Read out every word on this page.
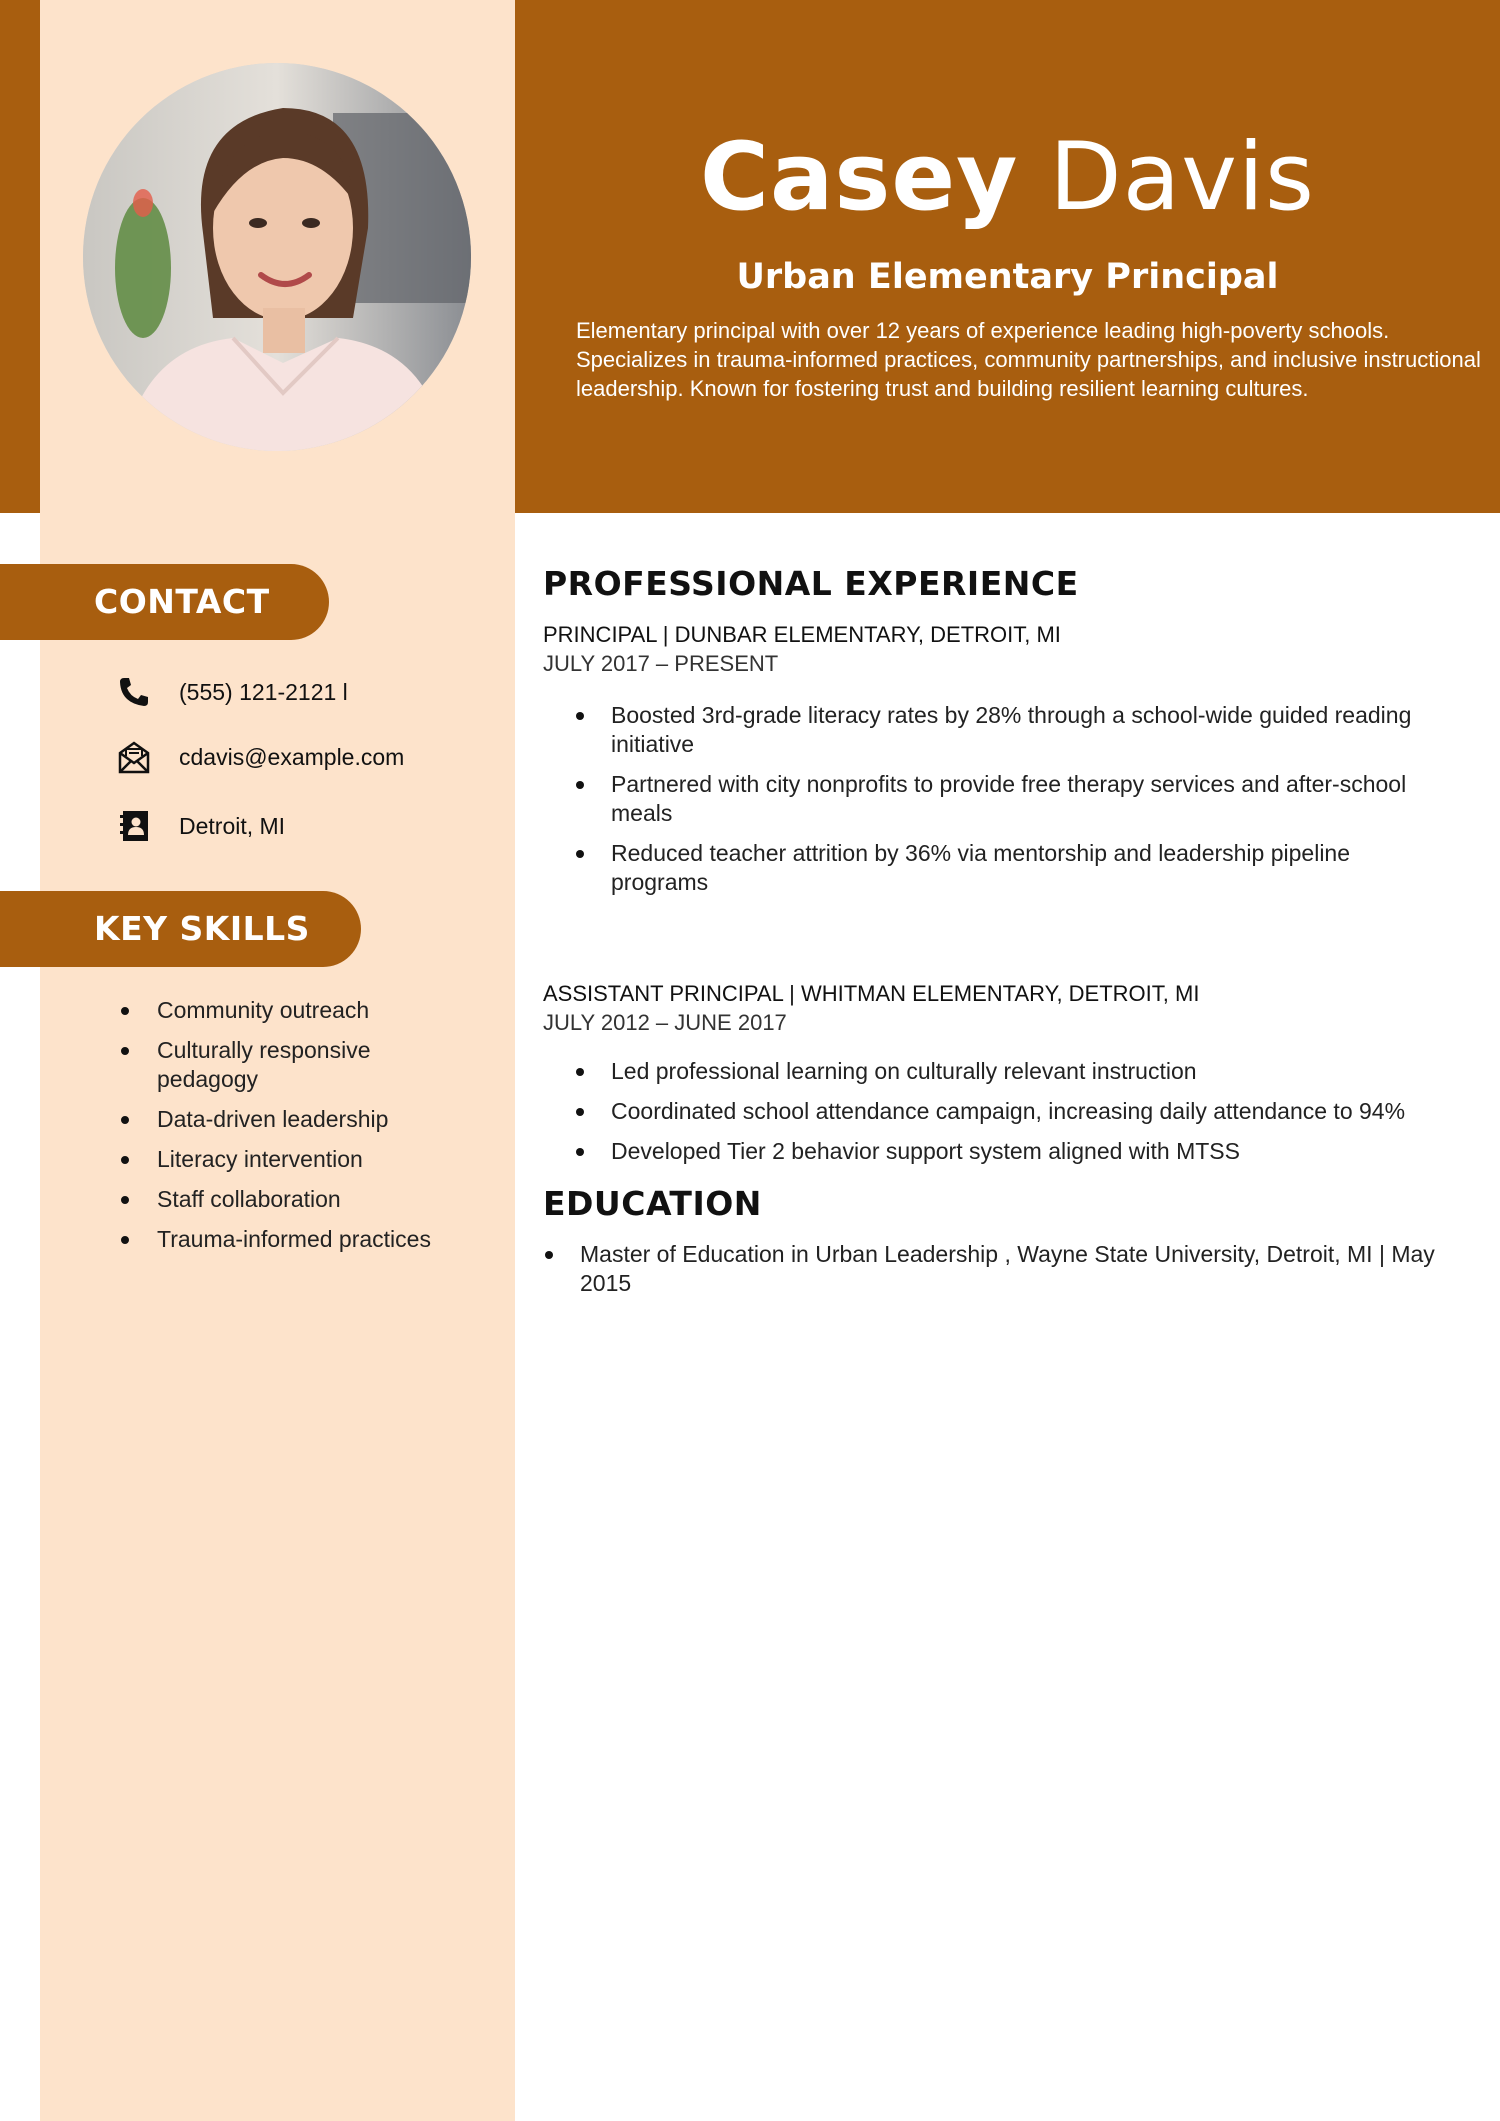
Casey Davis
Urban Elementary Principal
Elementary principal with over 12 years of experience leading high-poverty schools. Specializes in trauma-informed practices, community partnerships, and inclusive instructional leadership. Known for fostering trust and building resilient learning cultures.
CONTACT
(555) 121-2121 l
cdavis@example.com
Detroit, MI
KEY SKILLS
Community outreach
Culturally responsive pedagogy
Data-driven leadership
Literacy intervention
Staff collaboration
Trauma-informed practices
PROFESSIONAL EXPERIENCE
PRINCIPAL | DUNBAR ELEMENTARY, DETROIT, MI
JULY 2017 – PRESENT
Boosted 3rd-grade literacy rates by 28% through a school-wide guided reading initiative
Partnered with city nonprofits to provide free therapy services and after-school meals
Reduced teacher attrition by 36% via mentorship and leadership pipeline programs
ASSISTANT PRINCIPAL | WHITMAN ELEMENTARY, DETROIT, MI
JULY 2012 – JUNE 2017
Led professional learning on culturally relevant instruction
Coordinated school attendance campaign, increasing daily attendance to 94%
Developed Tier 2 behavior support system aligned with MTSS
EDUCATION
Master of Education in Urban Leadership , Wayne State University, Detroit, MI | May 2015
